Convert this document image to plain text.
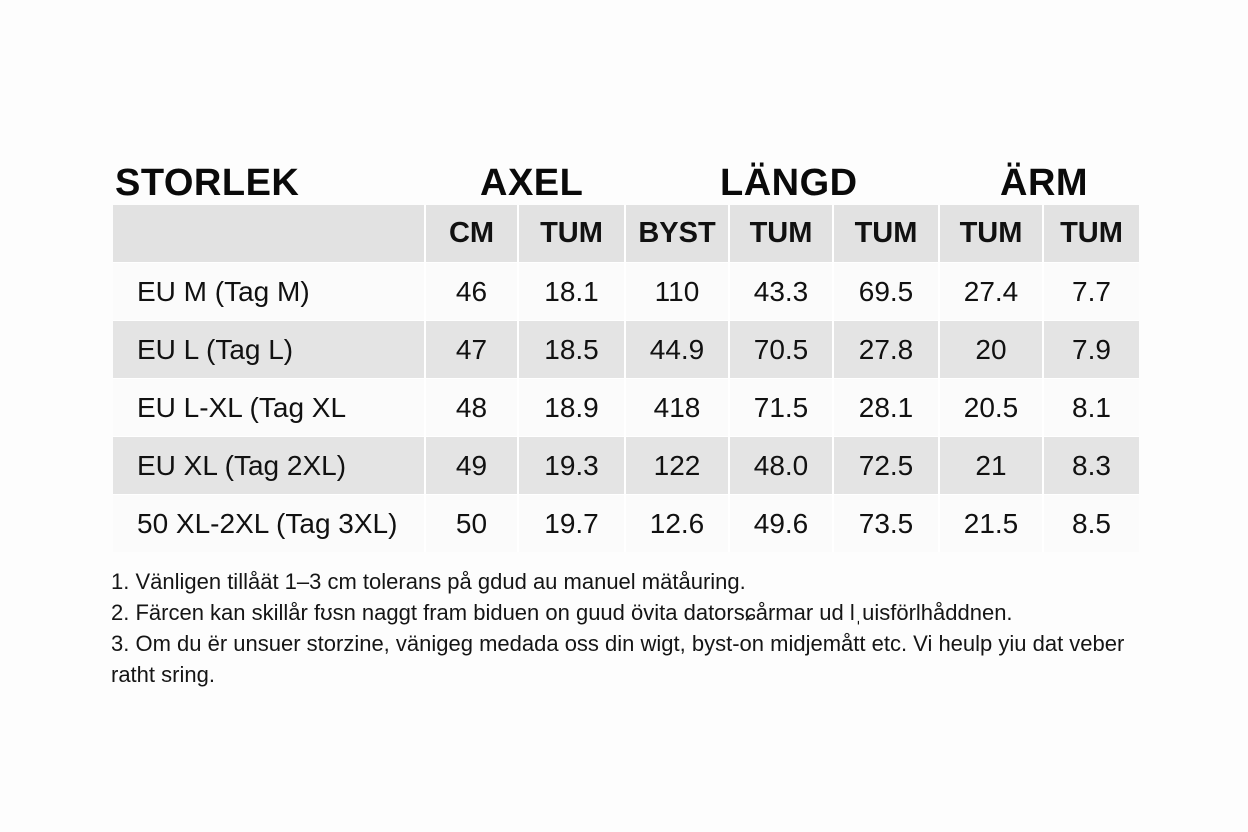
STORLEK	AXEL	LÄNGD	ÄRM
	CM	TUM	BYST	TUM	TUM	TUM	TUM
EU M (Tag M)	46	18.1	110	43.3	69.5	27.4	7.7
EU L (Tag L)	47	18.5	44.9	70.5	27.8	20	7.9
EU L-XL (Tag XL	48	18.9	418	71.5	28.1	20.5	8.1
EU XL (Tag 2XL)	49	19.3	122	48.0	72.5	21	8.3
50 XL-2XL (Tag 3XL)	50	19.7	12.6	49.6	73.5	21.5	8.5

1. Vänligen tillåät 1–3 cm tolerans på gdud au manuel mätåuring.

2. Färcen kan skillår fʊsn naggt fram biduen on guud övita datorsɕårmar ud lˌuisförlhåddnen.

3. Om du ër unsuer storzine, vänigeg medada oss din wigt, byst-on midjemått etc. Vi heulp yiu dat veber ratht sring.
